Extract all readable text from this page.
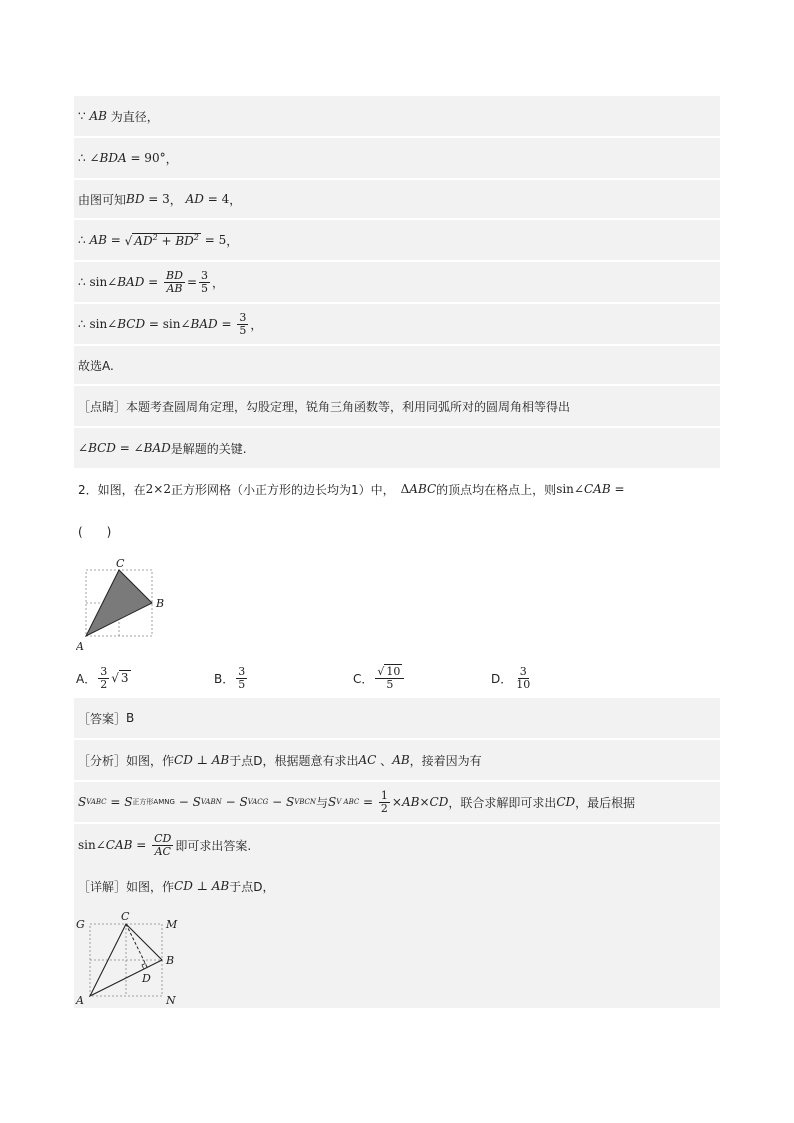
∵ AB 为直径，
∴ ∠ BDA = 90° ，
由图可知 BD = 3 ， AD = 4 ，
∴ AB = √ $AD^2 + BD^2 = 5$ ，
∴ sin∠ BAD = $\frac{BD}{AB} = \frac{3}{5}$ ，
∴ sin∠ BCD = sin∠ BAD = $\frac{3}{5}$ ，
故选A.
［点睛］ 本题考查圆周角定理，勾股定理，锐角三角函数等，利用同弧所对的圆周角相等得出
∠ BCD = ∠ BAD 是解题的关键.
2．如图，在 2×2 正方形网格（小正方形的边长均为1）中， Δ ABC 的顶点均在格点上，则 sin∠ CAB =
(　　)
C
B
A
A． $\frac{3}{2}$ √ 3	B． $\frac{3}{5}$	C． $\frac{√ 10}{5}$	D． $\frac{3}{10}$
［答案］ B
［分析］ 如图，作 CD ⊥ AB 于点D，根据题意有求出 AC 、 AB ，接着因为有
S VABC = S 正方形AMNG − S VABN − S VACG − S VBCN 与 S V ABC = $\frac{1}{2}$ × AB × CD ，联合求解即可求出 CD ，最后根据
sin∠ CAB = $\frac{CD}{AC}$ 即可求出答案.
［详解］ 如图，作 CD ⊥ AB 于点D，
G
C
M
B
D
A	N
